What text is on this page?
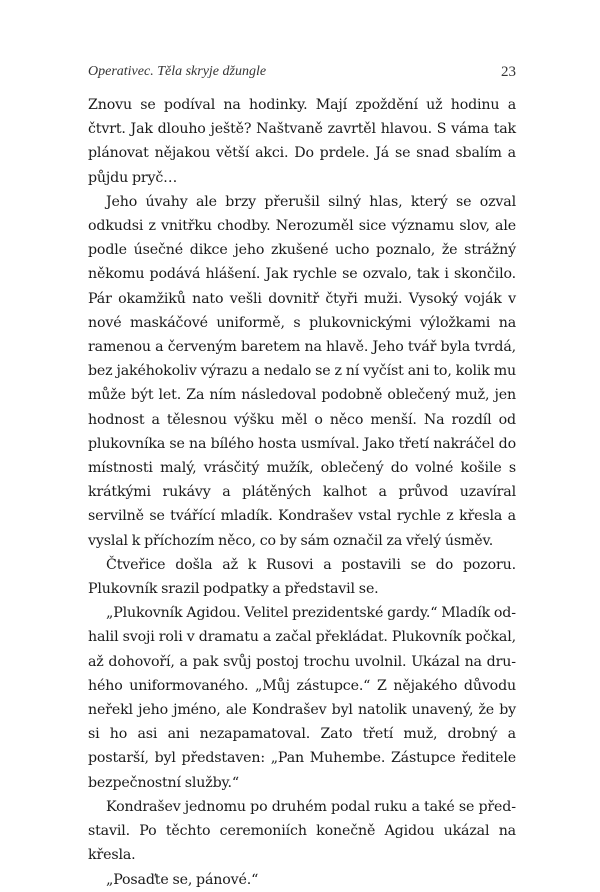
Operativec. Těla skryje džungle	23

Znovu se podíval na hodinky. Mají zpoždění už hodinu a čtvrt. Jak dlouho ještě? Naštvaně zavrtěl hlavou. S váma tak plánovat nějakou větší akci. Do prdele. Já se snad sbalím a půjdu pryč…

Jeho úvahy ale brzy přerušil silný hlas, který se ozval odkudsi z vnitřku chodby. Nerozuměl sice významu slov, ale podle úsečné dikce jeho zkušené ucho poznalo, že strážný někomu podává hlášení. Jak rychle se ozvalo, tak i skončilo. Pár okamžiků nato vešli dovnitř čtyři muži. Vysoký voják v nové maskáčové uniformě, s plukovnickými výložkami na ramenou a červeným baretem na hlavě. Jeho tvář byla tvrdá, bez jakéhokoliv výrazu a nedalo se z ní vyčíst ani to, kolik mu může být let. Za ním následoval podobně oblečený muž, jen hodnost a tělesnou výšku měl o něco menší. Na rozdíl od plukovníka se na bílého hosta usmíval. Jako třetí nakráčel do místnosti malý, vrásčitý mužík, oblečený do volné košile s krátkými rukávy a plátěných kalhot a průvod uzavíral servilně se tvářící mladík. Kondrašev vstal rychle z křesla a vyslal k příchozím něco, co by sám označil za vřelý úsměv.

Čtveřice došla až k Rusovi a postavili se do pozoru. Plukovník srazil podpatky a představil se.

„Plukovník Agidou. Velitel prezidentské gardy.“ Mladík odhalil svoji roli v dramatu a začal překládat. Plukovník počkal, až dohovoří, a pak svůj postoj trochu uvolnil. Ukázal na druhého uniformovaného. „Můj zástupce.“ Z nějakého důvodu neřekl jeho jméno, ale Kondrašev byl natolik unavený, že by si ho asi ani nezapamatoval. Zato třetí muž, drobný a postarší, byl představen: „Pan Muhembe. Zástupce ředitele bezpečnostní služby.“

Kondrašev jednomu po druhém podal ruku a také se představil. Po těchto ceremoniích konečně Agidou ukázal na křesla.

„Posaďte se, pánové.“
